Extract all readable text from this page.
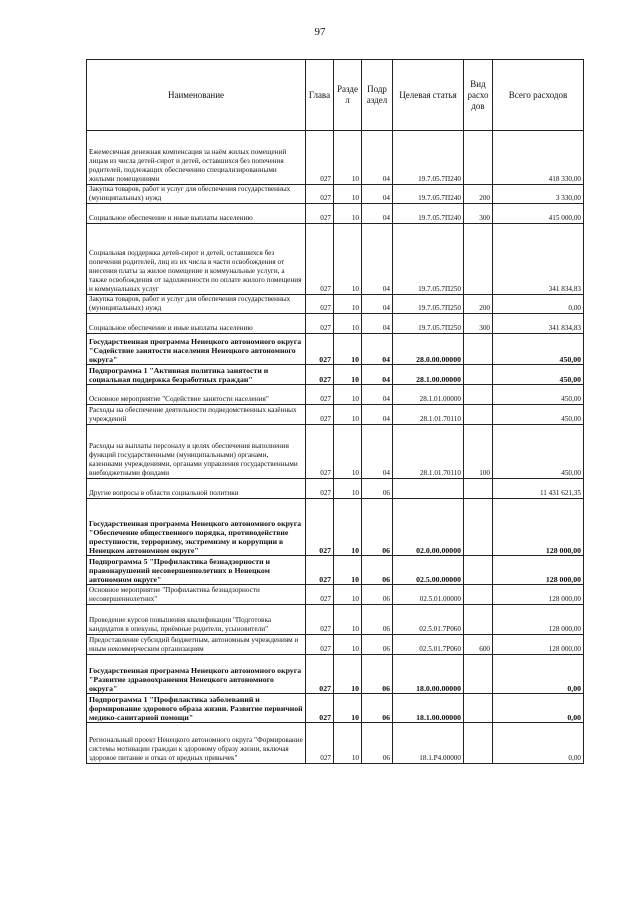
97
Наименование	Глава	Разде л	Подр аздел	Целевая статья	Вид расхо дов	Всего расходов
Ежемесячная денежная компенсация за наём жилых помещений лицам из числа детей-сирот и детей, оставшихся без попечения родителей, подлежащих обеспечению специализированными жилыми помещениями	027	10	04	19.7.05.7П240		418 330,00
Закупка товаров, работ и услуг для обеспечения государственных (муниципальных) нужд	027	10	04	19.7.05.7П240	200	3 330,00
Социальное обеспечение и иные выплаты населению	027	10	04	19.7.05.7П240	300	415 000,00
Социальная поддержка детей-сирот и детей, оставшихся без попечения родителей, лиц из их числа в части освобождения от внесения платы за жилое помещение и коммунальные услуги, а также освобождения от задолженности по оплате жилого помещения и коммунальных услуг	027	10	04	19.7.05.7П250		341 834,83
Закупка товаров, работ и услуг для обеспечения государственных (муниципальных) нужд	027	10	04	19.7.05.7П250	200	0,00
Социальное обеспечение и иные выплаты населению	027	10	04	19.7.05.7П250	300	341 834,83
Государственная программа Ненецкого автономного округа "Содействие занятости населения Ненецкого автономного округа"	027	10	04	28.0.00.00000		450,00
Подпрограмма 1 "Активная политика занятости и социальная поддержка безработных граждан"	027	10	04	28.1.00.00000		450,00
Основное мероприятие "Содействие занятости населения"	027	10	04	28.1.01.00000		450,00
Расходы на обеспечение деятельности подведомственных казённых учреждений	027	10	04	28.1.01.70110		450,00
Расходы на выплаты персоналу в целях обеспечения выполнения функций государственными (муниципальными) органами, казенными учреждениями, органами управления государственными внебюджетными фондами	027	10	04	28.1.01.70110	100	450,00
Другие вопросы в области социальной политики	027	10	06			11 431 621,35
Государственная программа Ненецкого автономного округа "Обеспечение общественного порядка, противодействие преступности, терроризму, экстремизму и коррупции в Ненецком автономном округе"	027	10	06	02.0.00.00000		128 000,00
Подпрограмма 5 "Профилактика безнадзорности и правонарушений несовершеннолетних в Ненецком автономном округе"	027	10	06	02.5.00.00000		128 000,00
Основное мероприятие "Профилактика безнадзорности несовершеннолетних"	027	10	06	02.5.01.00000		128 000,00
Проведение курсов повышения квалификации "Подготовка кандидатов в опекуны, приёмные родители, усыновители"	027	10	06	02.5.01.7Р060		128 000,00
Предоставление субсидий бюджетным, автономным учреждениям и иным некоммерческим организациям	027	10	06	02.5.01.7Р060	600	128 000,00
Государственная программа Ненецкого автономного округа "Развитие здравоохранения Ненецкого автономного округа"	027	10	06	18.0.00.00000		0,00
Подпрограмма 1 "Профилактика заболеваний и формирование здорового образа жизни. Развитие первичной медико-санитарной помощи"	027	10	06	18.1.00.00000		0,00
Региональный проект Ненецкого автономного округа "Формирование системы мотивации граждан к здоровому образу жизни, включая здоровое питание и отказ от вредных привычек"	027	10	06	18.1.Р4.00000		0,00
